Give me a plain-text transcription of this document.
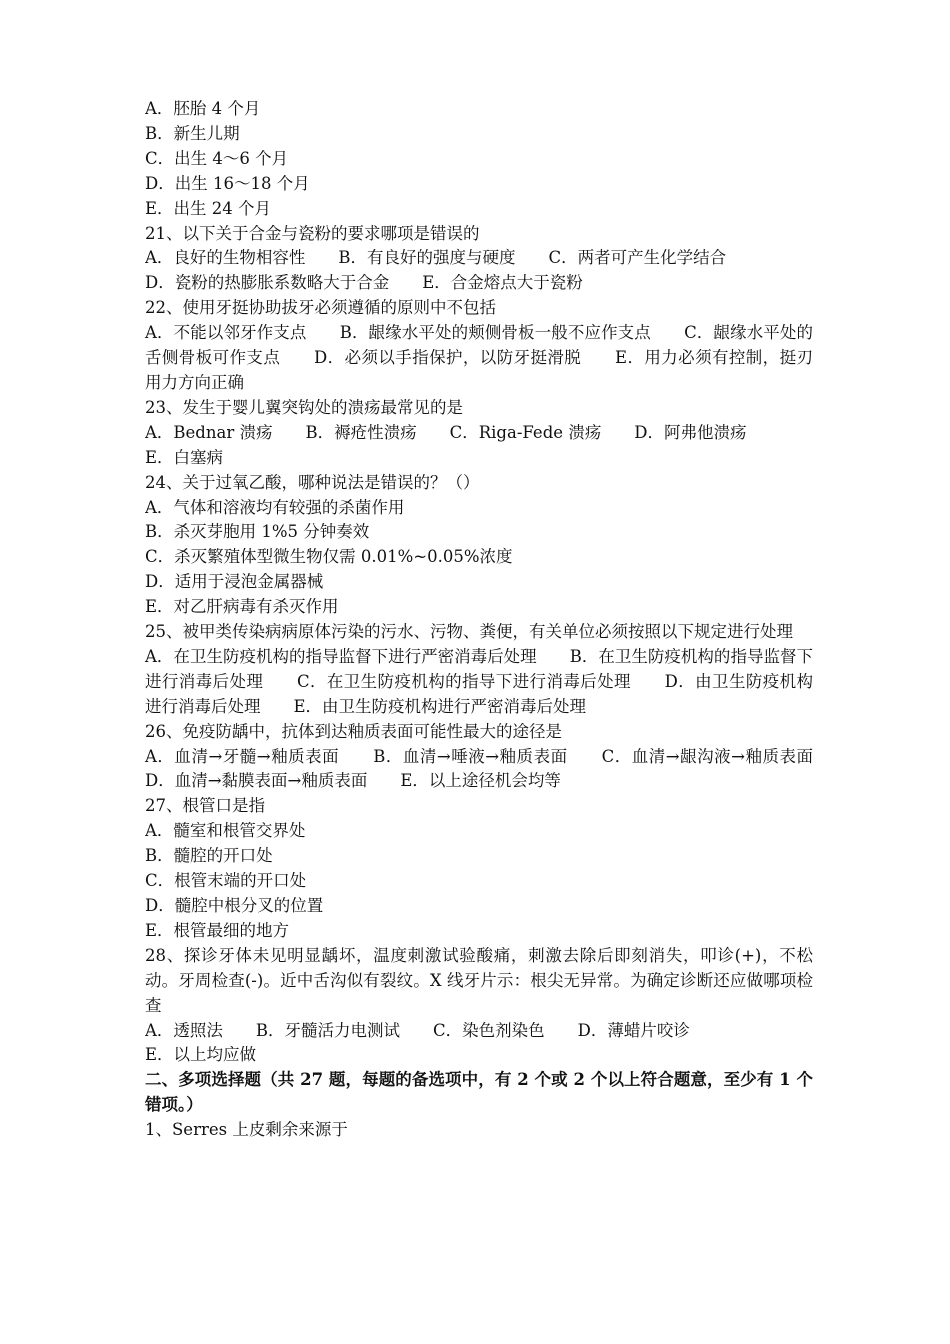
A．胚胎 4 个月
B．新生儿期
C．出生 4～6 个月
D．出生 16～18 个月
E．出生 24 个月
21、以下关于合金与瓷粉的要求哪项是错误的
A．良好的生物相容性　　B．有良好的强度与硬度　　C．两者可产生化学结合
D．瓷粉的热膨胀系数略大于合金　　E．合金熔点大于瓷粉
22、使用牙挺协助拔牙必须遵循的原则中不包括
A．不能以邻牙作支点　　B．龈缘水平处的颊侧骨板一般不应作支点　　C．龈缘水平处的舌侧骨板可作支点　　D．必须以手指保护，以防牙挺滑脱　　E．用力必须有控制，挺刃用力方向正确
23、发生于婴儿翼突钩处的溃疡最常见的是
A．Bednar 溃疡　　B．褥疮性溃疡　　C．Riga-Fede 溃疡　　D．阿弗他溃疡
E．白塞病
24、关于过氧乙酸，哪种说法是错误的？（）
A．气体和溶液均有较强的杀菌作用
B．杀灭芽胞用 1%5 分钟奏效
C．杀灭繁殖体型微生物仅需 0.01%~0.05%浓度
D．适用于浸泡金属器械
E．对乙肝病毒有杀灭作用
25、被甲类传染病病原体污染的污水、污物、粪便，有关单位必须按照以下规定进行处理
A．在卫生防疫机构的指导监督下进行严密消毒后处理　　B．在卫生防疫机构的指导监督下进行消毒后处理　　C．在卫生防疫机构的指导下进行消毒后处理　　D．由卫生防疫机构进行消毒后处理　　E．由卫生防疫机构进行严密消毒后处理
26、免疫防龋中，抗体到达釉质表面可能性最大的途径是
A．血清→牙髓→釉质表面　　B．血清→唾液→釉质表面　　C．血清→龈沟液→釉质表面　　D．血清→黏膜表面→釉质表面　　E．以上途径机会均等
27、根管口是指
A．髓室和根管交界处
B．髓腔的开口处
C．根管末端的开口处
D．髓腔中根分叉的位置
E．根管最细的地方
28、探诊牙体未见明显龋坏，温度刺激试验酸痛，刺激去除后即刻消失，叩诊(+)，不松动。牙周检查(-)。近中舌沟似有裂纹。X 线牙片示：根尖无异常。为确定诊断还应做哪项检查
A．透照法　　B．牙髓活力电测试　　C．染色剂染色　　D．薄蜡片咬诊
E．以上均应做
二、多项选择题（共 27 题，每题的备选项中，有 2 个或 2 个以上符合题意，至少有 1 个错项。）
1、Serres 上皮剩余来源于
